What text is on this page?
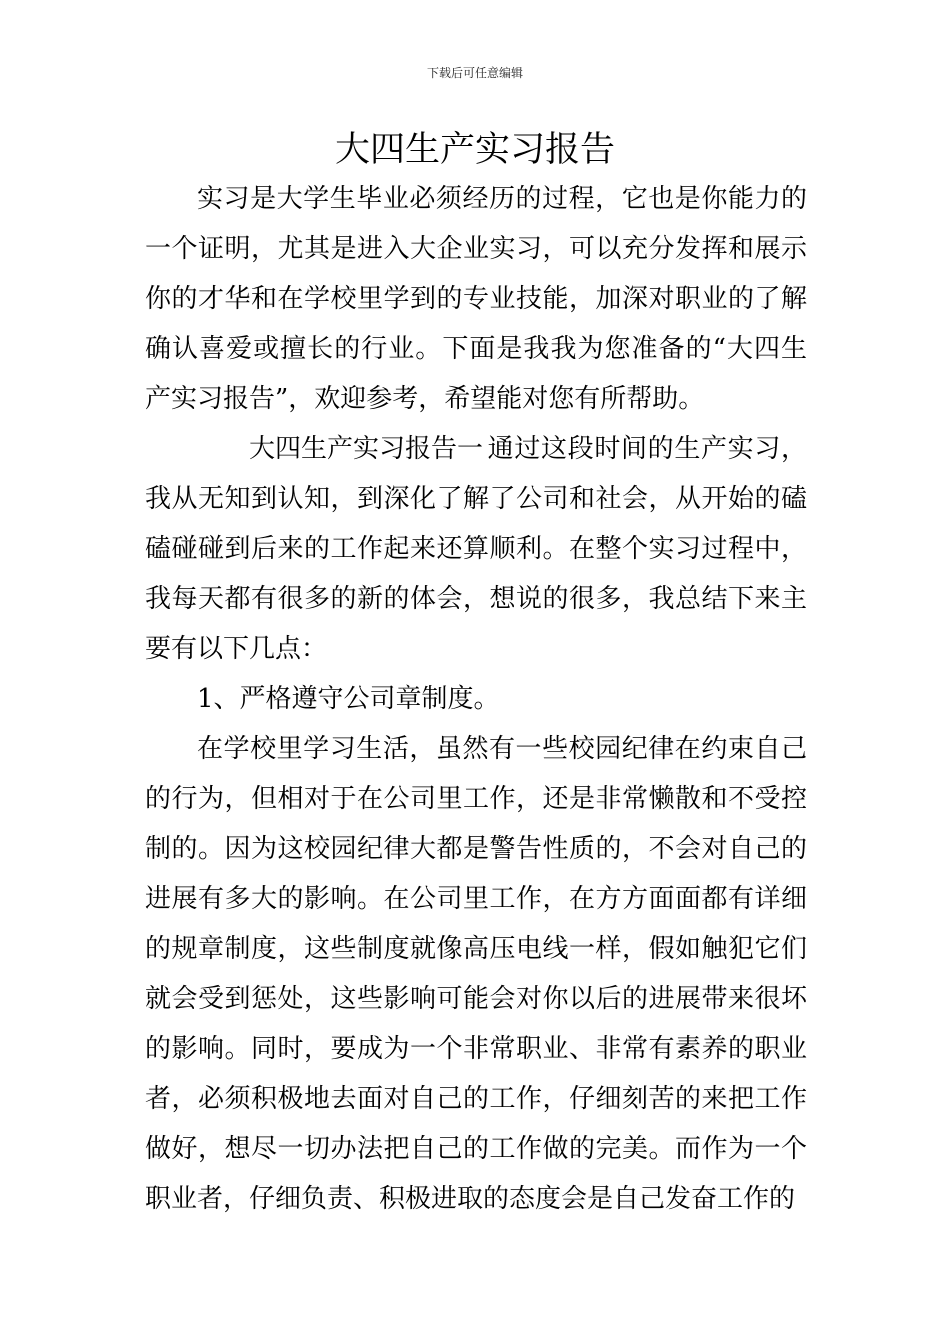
下载后可任意编辑
大四生产实习报告

实习是大学生毕业必须经历的过程，它也是你能力的一个证明，尤其是进入大企业实习，可以充分发挥和展示你的才华和在学校里学到的专业技能，加深对职业的了解确认喜爱或擅长的行业。下面是我我为您准备的“大四生产实习报告”，欢迎参考，希望能对您有所帮助。

大四生产实习报告一 通过这段时间的生产实习，我从无知到认知，到深化了解了公司和社会，从开始的磕磕碰碰到后来的工作起来还算顺利。在整个实习过程中，我每天都有很多的新的体会，想说的很多，我总结下来主要有以下几点：

1、严格遵守公司章制度。

在学校里学习生活，虽然有一些校园纪律在约束自己的行为，但相对于在公司里工作，还是非常懒散和不受控制的。因为这校园纪律大都是警告性质的，不会对自己的进展有多大的影响。在公司里工作，在方方面面都有详细的规章制度，这些制度就像高压电线一样，假如触犯它们就会受到惩处，这些影响可能会对你以后的进展带来很坏的影响。同时，要成为一个非常职业、非常有素养的职业者，必须积极地去面对自己的工作，仔细刻苦的来把工作做好，想尽一切办法把自己的工作做的完美。而作为一个职业者，仔细负责、积极进取的态度会是自己发奋工作的
